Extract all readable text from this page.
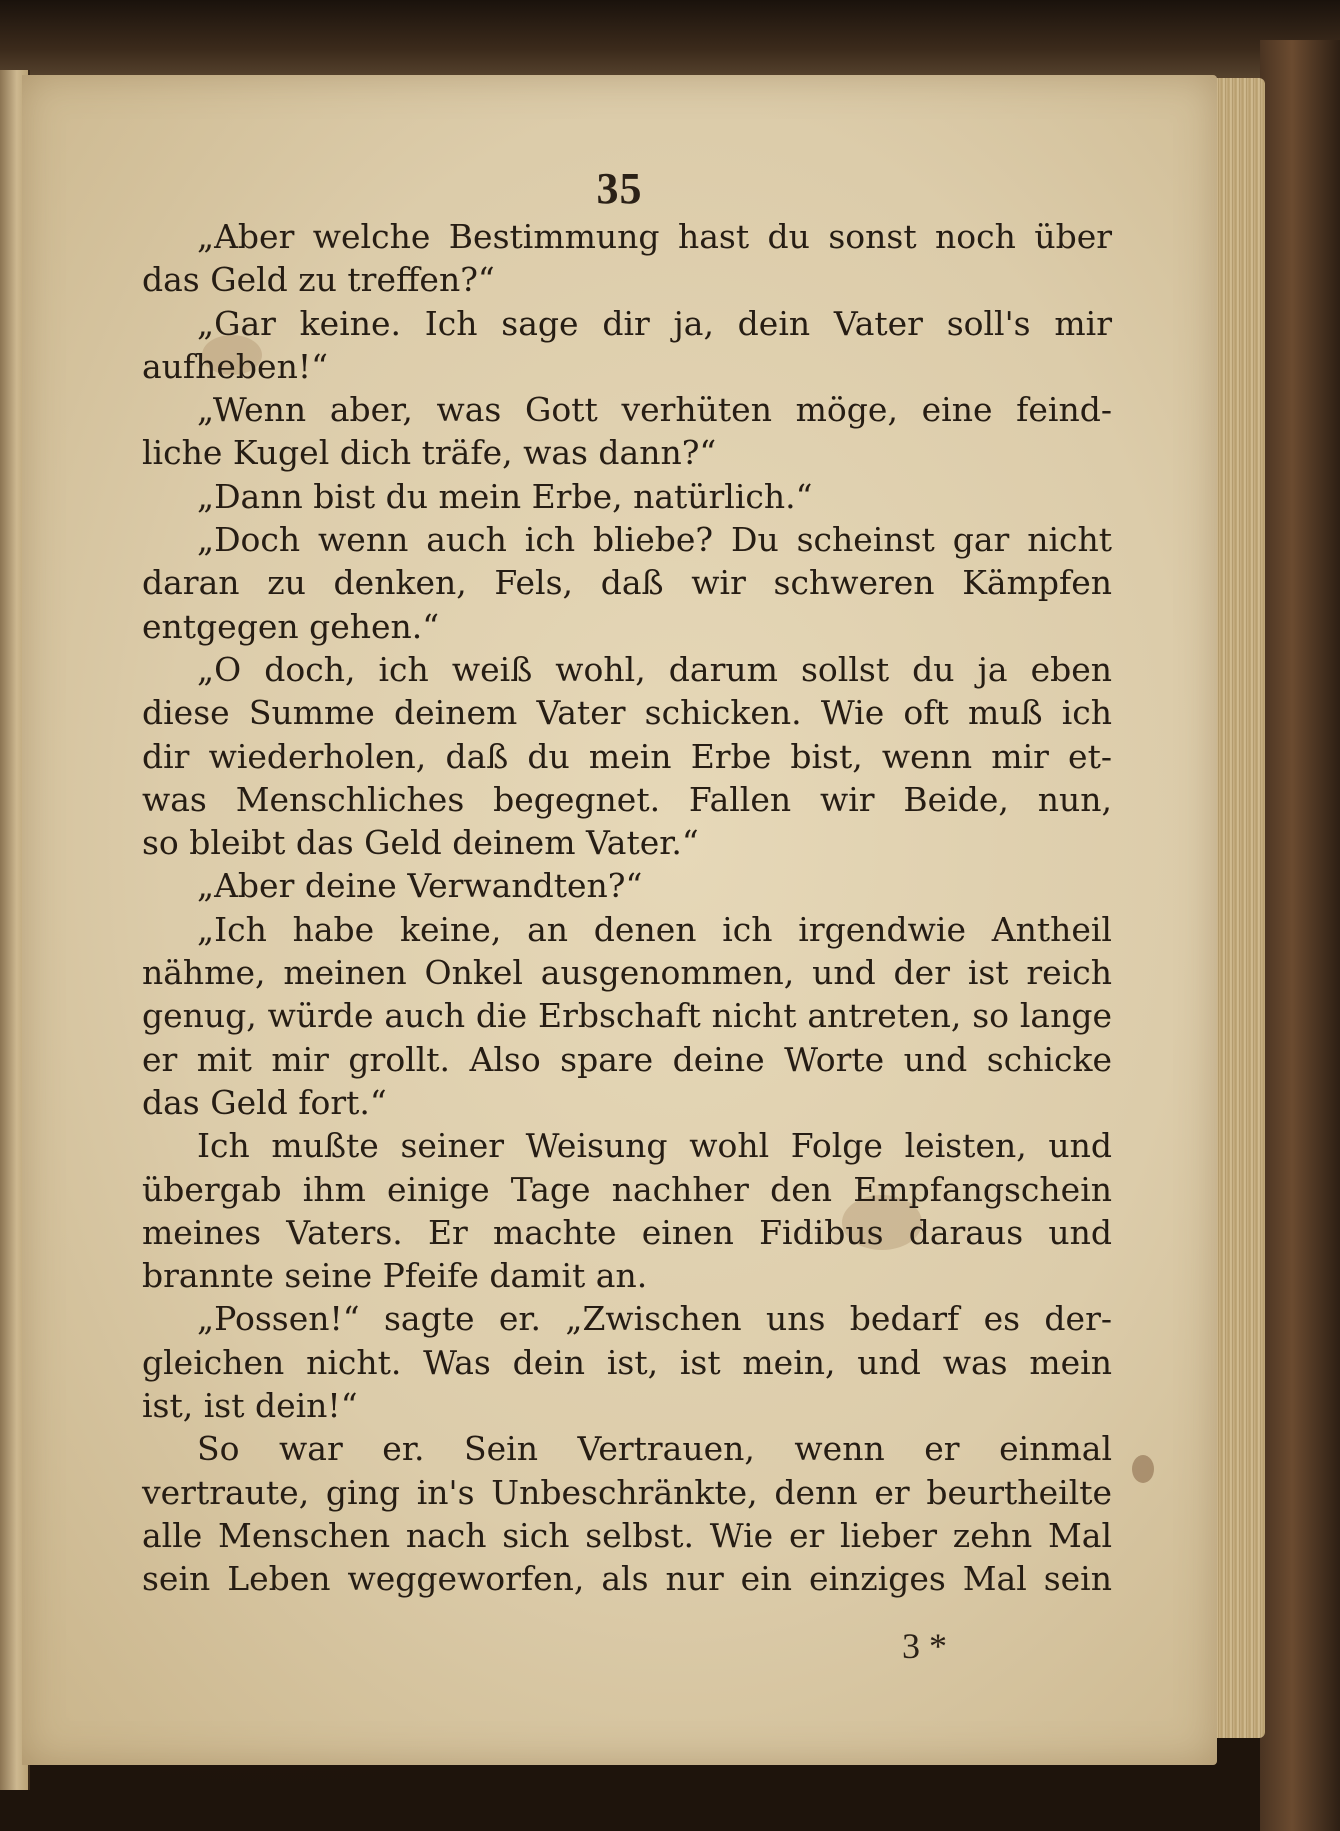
35
„Aber welche Bestimmung hast du sonst noch über
das Geld zu treffen?“
„Gar keine. Ich sage dir ja, dein Vater soll's mir
aufheben!“
„Wenn aber, was Gott verhüten möge, eine feind-
liche Kugel dich träfe, was dann?“
„Dann bist du mein Erbe, natürlich.“
„Doch wenn auch ich bliebe? Du scheinst gar nicht
daran zu denken, Fels, daß wir schweren Kämpfen
entgegen gehen.“
„O doch, ich weiß wohl, darum sollst du ja eben
diese Summe deinem Vater schicken. Wie oft muß ich
dir wiederholen, daß du mein Erbe bist, wenn mir et-
was Menschliches begegnet. Fallen wir Beide, nun,
so bleibt das Geld deinem Vater.“
„Aber deine Verwandten?“
„Ich habe keine, an denen ich irgendwie Antheil
nähme, meinen Onkel ausgenommen, und der ist reich
genug, würde auch die Erbschaft nicht antreten, so lange
er mit mir grollt. Also spare deine Worte und schicke
das Geld fort.“
Ich mußte seiner Weisung wohl Folge leisten, und
übergab ihm einige Tage nachher den Empfangschein
meines Vaters. Er machte einen Fidibus daraus und
brannte seine Pfeife damit an.
„Possen!“ sagte er. „Zwischen uns bedarf es der-
gleichen nicht. Was dein ist, ist mein, und was mein
ist, ist dein!“
So war er. Sein Vertrauen, wenn er einmal
vertraute, ging in's Unbeschränkte, denn er beurtheilte
alle Menschen nach sich selbst. Wie er lieber zehn Mal
sein Leben weggeworfen, als nur ein einziges Mal sein
3 *
